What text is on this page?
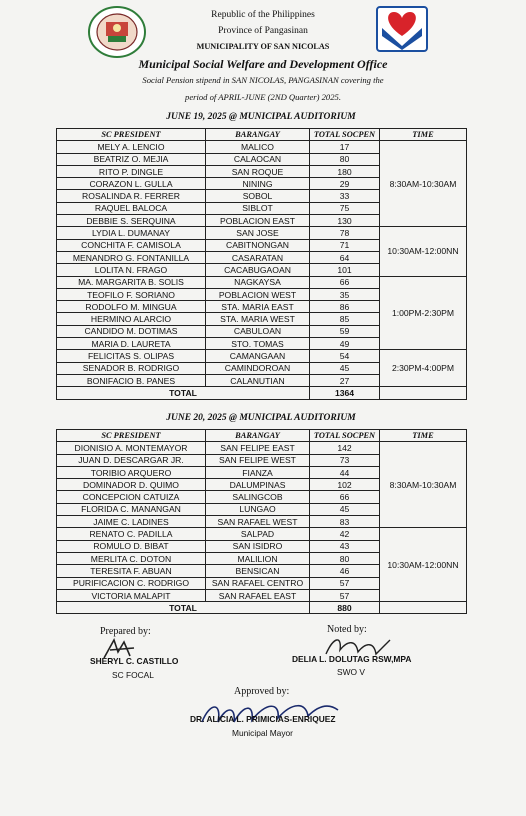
Republic of the Philippines
Province of Pangasinan
MUNICIPALITY OF SAN NICOLAS
Municipal Social Welfare and Development Office
Social Pension stipend in SAN NICOLAS, PANGASINAN covering the
period of APRIL-JUNE (2ND Quarter) 2025.
JUNE 19, 2025 @ MUNICIPAL AUDITORIUM
SC PRESIDENT	BARANGAY	TOTAL SOCPEN	TIME
MELY A. LENCIO	MALICO	17	8:30AM-10:30AM
BEATRIZ O. MEJIA	CALAOCAN	80	
RITO P. DINGLE	SAN ROQUE	180	
CORAZON L. GULLA	NINING	29	
ROSALINDA R. FERRER	SOBOL	33	
RAQUEL BALOCA	SIBLOT	75	
DEBBIE S. SERQUINA	POBLACION EAST	130	
LYDIA L. DUMANAY	SAN JOSE	78	10:30AM-12:00NN
CONCHITA F. CAMISOLA	CABITNONGAN	71	
MENANDRO G. FONTANILLA	CASARATAN	64	
LOLITA N. FRAGO	CACABUGAOAN	101	
MA. MARGARITA B. SOLIS	NAGKAYSA	66	1:00PM-2:30PM
TEOFILO F. SORIANO	POBLACION WEST	35	
RODOLFO M. MINGUA	STA. MARIA EAST	86	
HERMINO ALARCIO	STA. MARIA WEST	85	
CANDIDO M. DOTIMAS	CABULOAN	59	
MARIA D. LAURETA	STO. TOMAS	49	
FELICITAS S. OLIPAS	CAMANGAAN	54	2:30PM-4:00PM
SENADOR B. RODRIGO	CAMINDOROAN	45	
BONIFACIO B. PANES	CALANUTIAN	27	
TOTAL		1364	
JUNE 20, 2025 @ MUNICIPAL AUDITORIUM
SC PRESIDENT	BARANGAY	TOTAL SOCPEN	TIME
DIONISIO A. MONTEMAYOR	SAN FELIPE EAST	142	8:30AM-10:30AM
JUAN D. DESCARGAR JR.	SAN FELIPE WEST	73	
TORIBIO ARQUERO	FIANZA	44	
DOMINADOR D. QUIMO	DALUMPINAS	102	
CONCEPCION CATUIZA	SALINGCOB	66	
FLORIDA C. MANANGAN	LUNGAO	45	
JAIME C. LADINES	SAN RAFAEL WEST	83	
RENATO C. PADILLA	SALPAD	42	10:30AM-12:00NN
ROMULO D. BIBAT	SAN ISIDRO	43	
MERLITA C. DOTON	MALILION	80	
TERESITA F. ABUAN	BENSICAN	46	
PURIFICACION C. RODRIGO	SAN RAFAEL CENTRO	57	
VICTORIA MALAPIT	SAN RAFAEL EAST	57	
TOTAL		880	
Prepared by:
SHERYL C. CASTILLO
SC FOCAL
Noted by:
DELIA L. DOLUTAG RSW,MPA
SWO V
Approved by:
DR. ALICIA L. PRIMICIAS-ENRIQUEZ
Municipal Mayor
